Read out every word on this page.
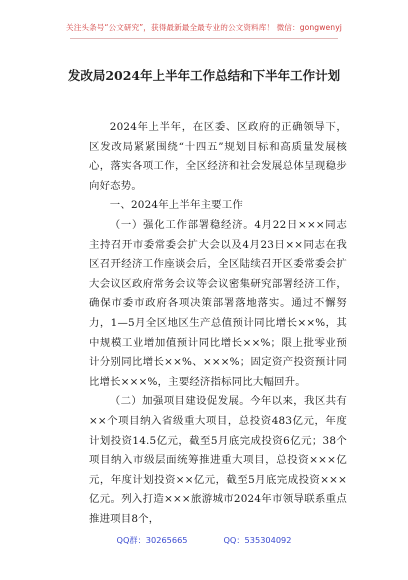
关注头条号“公文研究”，获得最新最全最专业的公文资料库！ 微信：gongwenyj
发改局2024年上半年工作总结和下半年工作计划

2024年上半年，在区委、区政府的正确领导下，区发改局紧紧围绕“十四五”规划目标和高质量发展核心，落实各项工作，全区经济和社会发展总体呈现稳步向好态势。

一、2024年上半年主要工作

（一）强化工作部署稳经济。4月22日×××同志主持召开市委常委会扩大会以及4月23日××同志在我区召开经济工作座谈会后，全区陆续召开区委常委会扩大会议区政府常务会议等会议密集研究部署经济工作，确保市委市政府各项决策部署落地落实。通过不懈努力，1—5月全区地区生产总值预计同比增长××%，其中规模工业增加值预计同比增长××%；限上批零业预计分别同比增长××%、×××%；固定资产投资预计同比增长×××%，主要经济指标同比大幅回升。

（二）加强项目建设促发展。今年以来，我区共有××个项目纳入省级重大项目，总投资483亿元，年度计划投资14.5亿元，截至5月底完成投资6亿元；38个项目纳入市级层面统筹推进重大项目，总投资×××亿元，年度计划投资××亿元，截至5月底完成投资×××亿元。列入打造×××旅游城市2024年市领导联系重点推进项目8个，

QQ群：30265665	QQ：535304092
